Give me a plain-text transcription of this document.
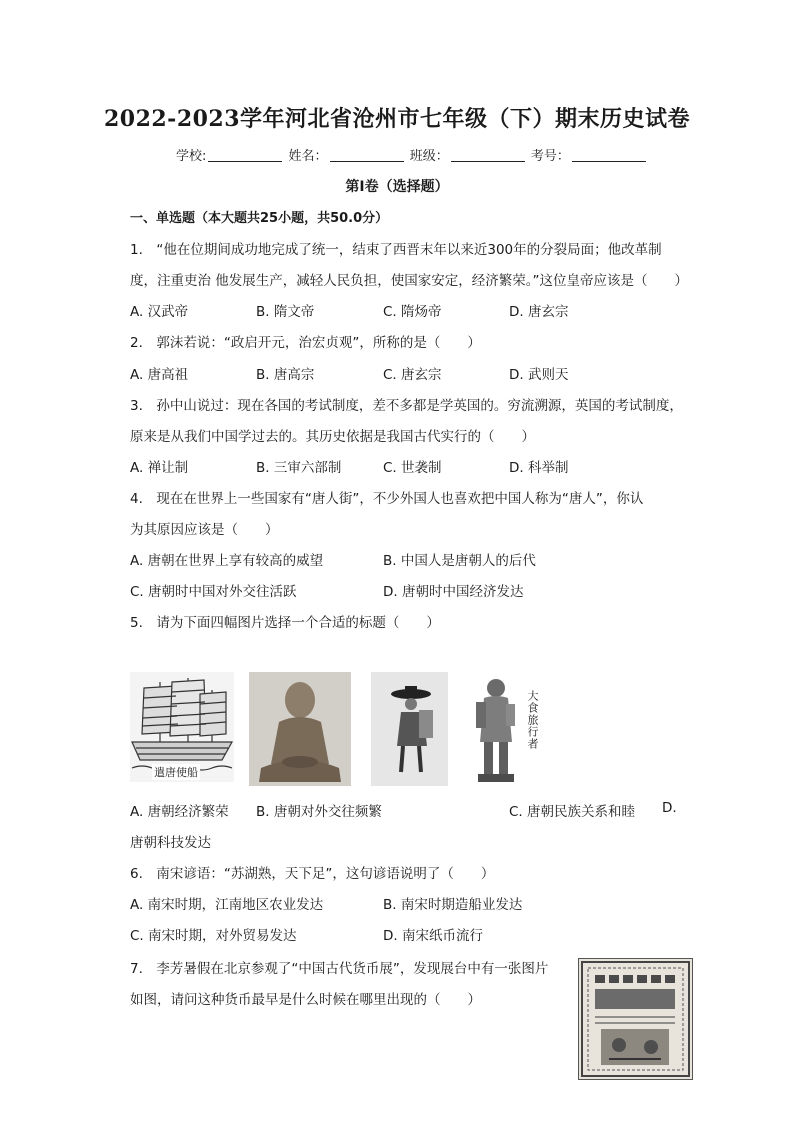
2022-2023学年河北省沧州市七年级（下）期末历史试卷
学校:	姓名：	班级：	考号：
第Ⅰ卷（选择题）
一、单选题（本大题共25小题，共50.0分）
1.　“他在位期间成功地完成了统一，结束了西晋末年以来近300年的分裂局面；他改革制
度，注重吏治 他发展生产，减轻人民负担，使国家安定，经济繁荣。”这位皇帝应该是（　　）
A. 汉武帝	B. 隋文帝	C. 隋炀帝	D. 唐玄宗
2.　郭沫若说：“政启开元，治宏贞观”，所称的是（　　）
A. 唐高祖	B. 唐高宗	C. 唐玄宗	D. 武则天
3.　孙中山说过：现在各国的考试制度，差不多都是学英国的。穷流溯源，英国的考试制度，
原来是从我们中国学过去的。其历史依据是我国古代实行的（　　）
A. 禅让制	B. 三审六部制	C. 世袭制	D. 科举制
4.　现在在世界上一些国家有“唐人街”，不少外国人也喜欢把中国人称为“唐人”，你认
为其原因应该是（　　）
A. 唐朝在世界上享有较高的威望	B. 中国人是唐朝人的后代
C. 唐朝时中国对外交往活跃	D. 唐朝时中国经济发达
5.　请为下面四幅图片选择一个合适的标题（　　）
遣唐使船
大食旅行者
A. 唐朝经济繁荣 B. 唐朝对外交往频繁	C. 唐朝民族关系和睦 D.
唐朝科技发达
6.　南宋谚语：“苏湖熟，天下足”，这句谚语说明了（　　）
A. 南宋时期，江南地区农业发达	B. 南宋时期造船业发达
C. 南宋时期，对外贸易发达	D. 南宋纸币流行
7.　李芳暑假在北京参观了“中国古代货币展”，发现展台中有一张图片
如图，请问这种货币最早是什么时候在哪里出现的（　　）
